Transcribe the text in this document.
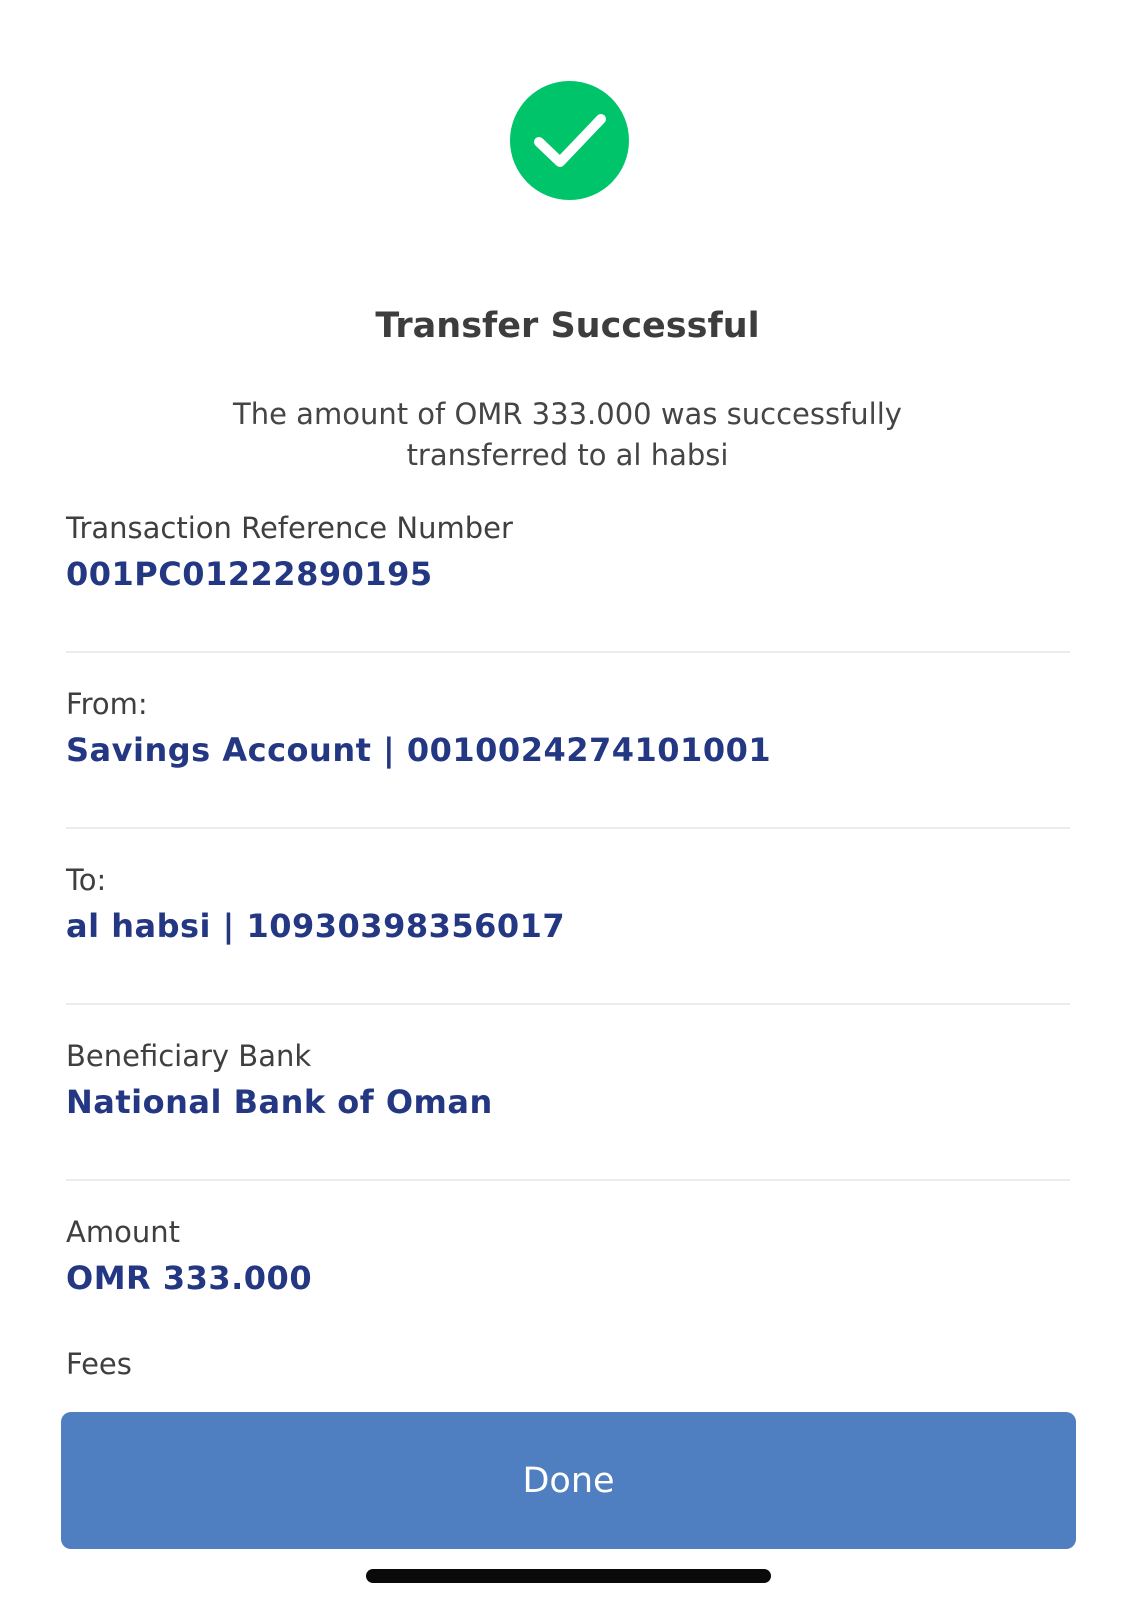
Transfer Successful
The amount of OMR 333.000 was successfully
transferred to al habsi
Transaction Reference Number
001PC01222890195
From:
Savings Account | 0010024274101001
To:
al habsi | 10930398356017
Beneficiary Bank
National Bank of Oman
Amount
OMR 333.000
Fees
Done
